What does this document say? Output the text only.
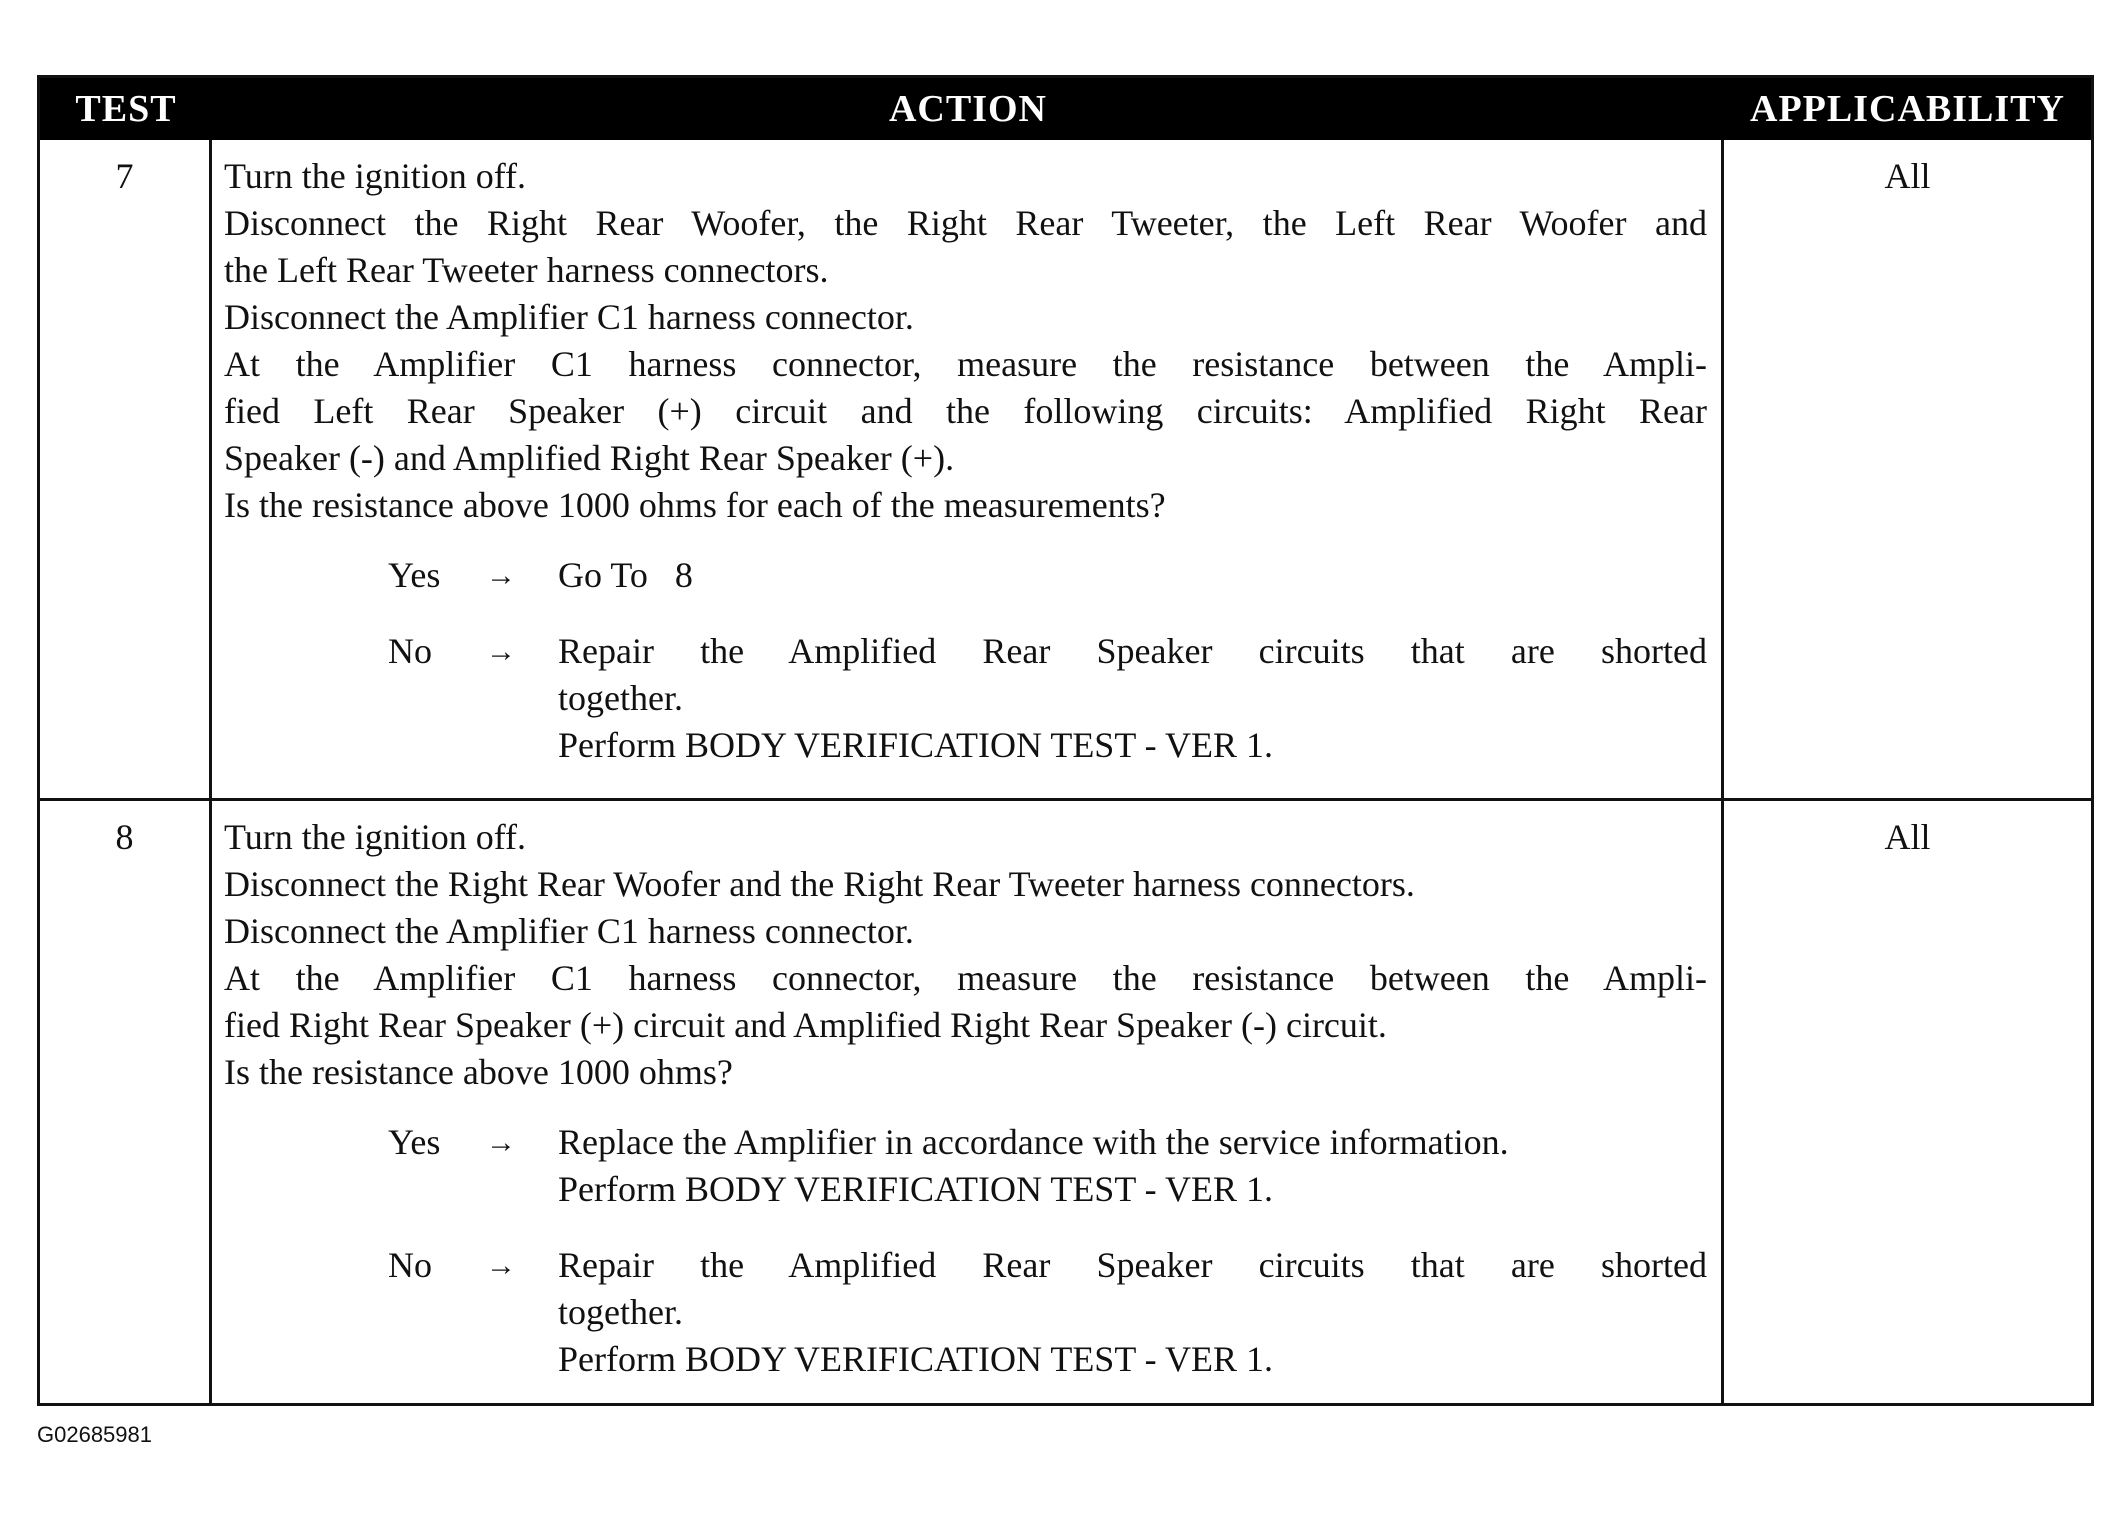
TEST	ACTION	APPLICABILITY
7	Turn the ignition off.
Disconnect the Right Rear Woofer, the Right Rear Tweeter, the Left Rear Woofer and
the Left Rear Tweeter harness connectors.
Disconnect the Amplifier C1 harness connector.
At the Amplifier C1 harness connector, measure the resistance between the Ampli-
fied Left Rear Speaker (+) circuit and the following circuits: Amplified Right Rear
Speaker (-) and Amplified Right Rear Speaker (+).
Is the resistance above 1000 ohms for each of the measurements?
Yes	→	Go To   8
No	→	Repair the Amplified Rear Speaker circuits that are shorted
together.
Perform BODY VERIFICATION TEST - VER 1.
All
8	Turn the ignition off.
Disconnect the Right Rear Woofer and the Right Rear Tweeter harness connectors.
Disconnect the Amplifier C1 harness connector.
At the Amplifier C1 harness connector, measure the resistance between the Ampli-
fied Right Rear Speaker (+) circuit and Amplified Right Rear Speaker (-) circuit.
Is the resistance above 1000 ohms?
Yes	→	Replace the Amplifier in accordance with the service information.
Perform BODY VERIFICATION TEST - VER 1.
No	→	Repair the Amplified Rear Speaker circuits that are shorted
together.
Perform BODY VERIFICATION TEST - VER 1.
All
G02685981
